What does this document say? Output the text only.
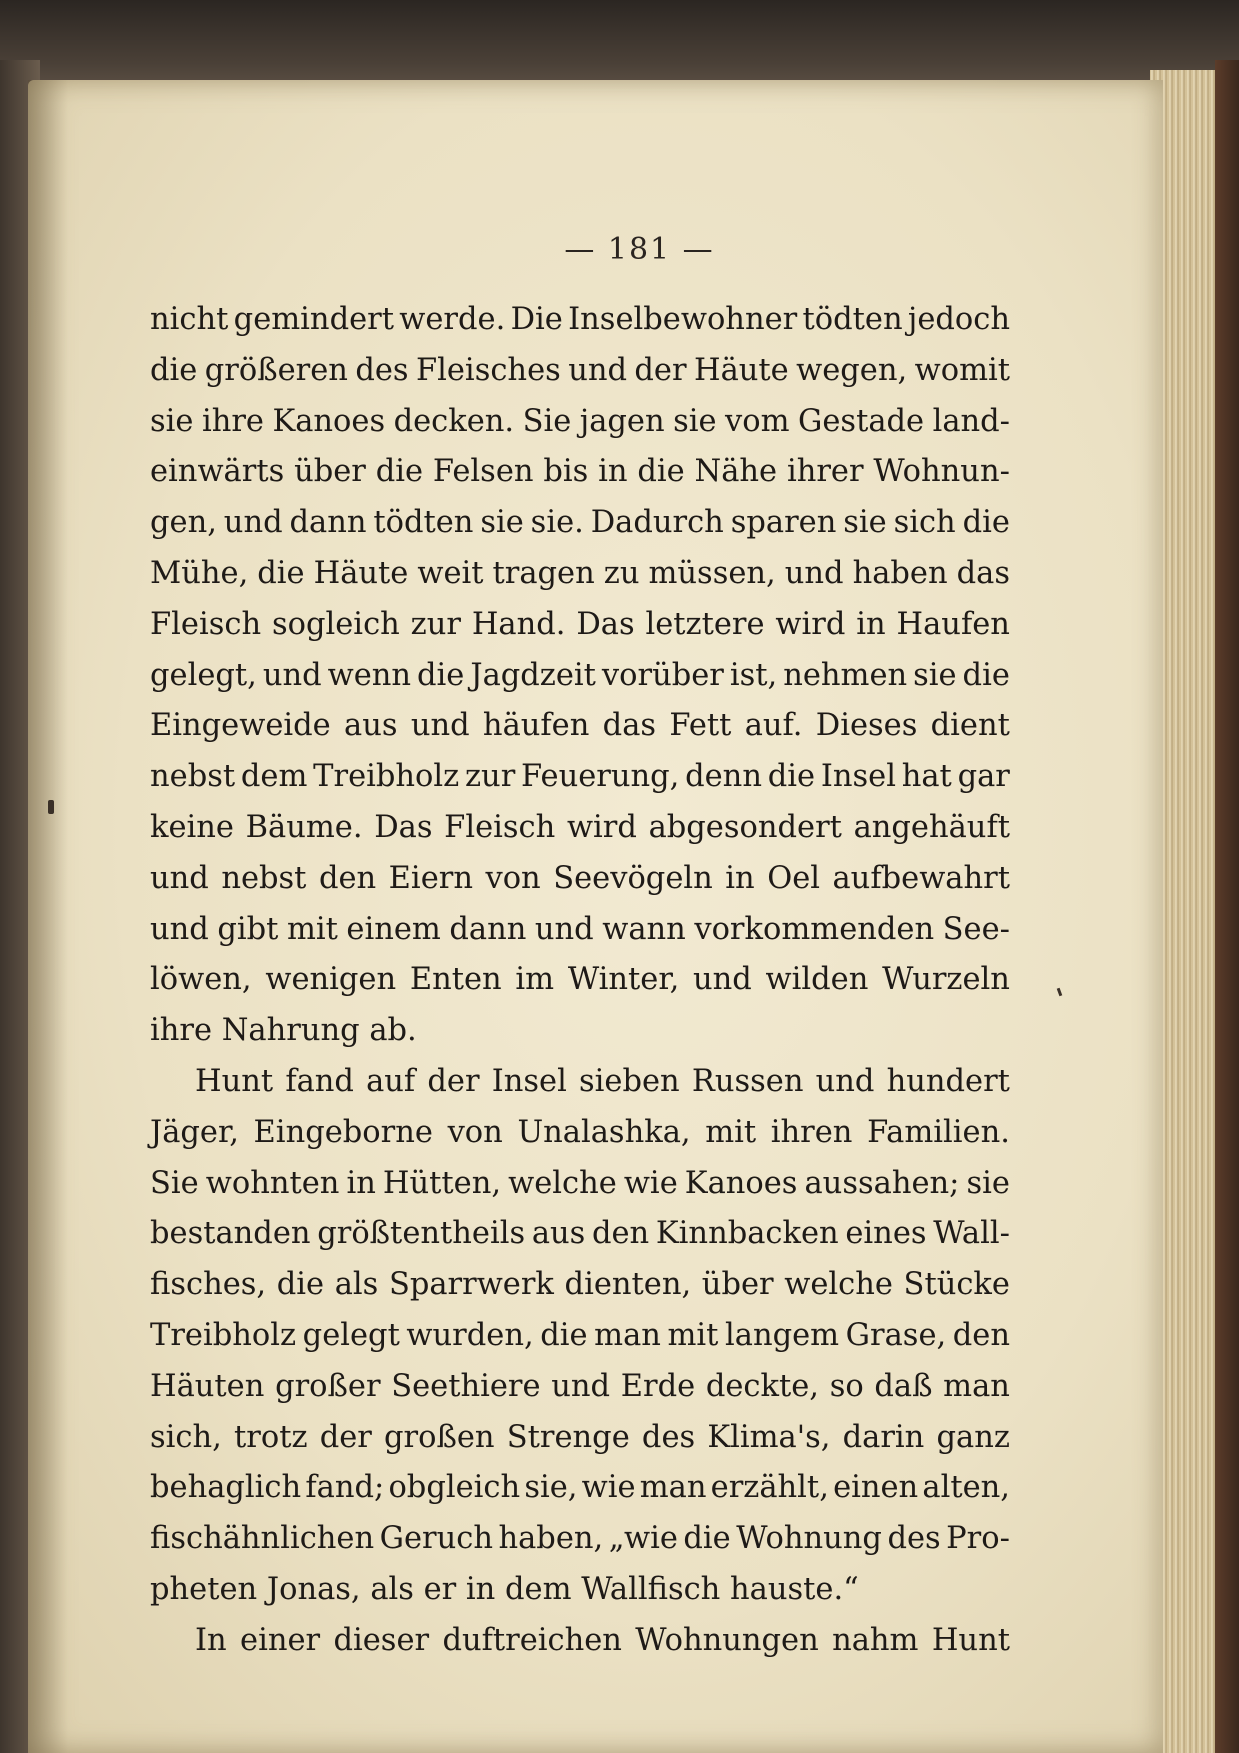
— 181 —
nicht gemindert werde. Die Inselbewohner tödten jedoch
die größeren des Fleisches und der Häute wegen, womit
sie ihre Kanoes decken. Sie jagen sie vom Gestade land-
einwärts über die Felsen bis in die Nähe ihrer Wohnun-
gen, und dann tödten sie sie. Dadurch sparen sie sich die
Mühe, die Häute weit tragen zu müssen, und haben das
Fleisch sogleich zur Hand. Das letztere wird in Haufen
gelegt, und wenn die Jagdzeit vorüber ist, nehmen sie die
Eingeweide aus und häufen das Fett auf. Dieses dient
nebst dem Treibholz zur Feuerung, denn die Insel hat gar
keine Bäume. Das Fleisch wird abgesondert angehäuft
und nebst den Eiern von Seevögeln in Oel aufbewahrt
und gibt mit einem dann und wann vorkommenden See-
löwen, wenigen Enten im Winter, und wilden Wurzeln
ihre Nahrung ab.
Hunt fand auf der Insel sieben Russen und hundert
Jäger, Eingeborne von Unalashka, mit ihren Familien.
Sie wohnten in Hütten, welche wie Kanoes aussahen; sie
bestanden größtentheils aus den Kinnbacken eines Wall-
fisches, die als Sparrwerk dienten, über welche Stücke
Treibholz gelegt wurden, die man mit langem Grase, den
Häuten großer Seethiere und Erde deckte, so daß man
sich, trotz der großen Strenge des Klima's, darin ganz
behaglich fand; obgleich sie, wie man erzählt, einen alten,
fischähnlichen Geruch haben, „wie die Wohnung des Pro-
pheten Jonas, als er in dem Wallfisch hauste.“
In einer dieser duftreichen Wohnungen nahm Hunt
